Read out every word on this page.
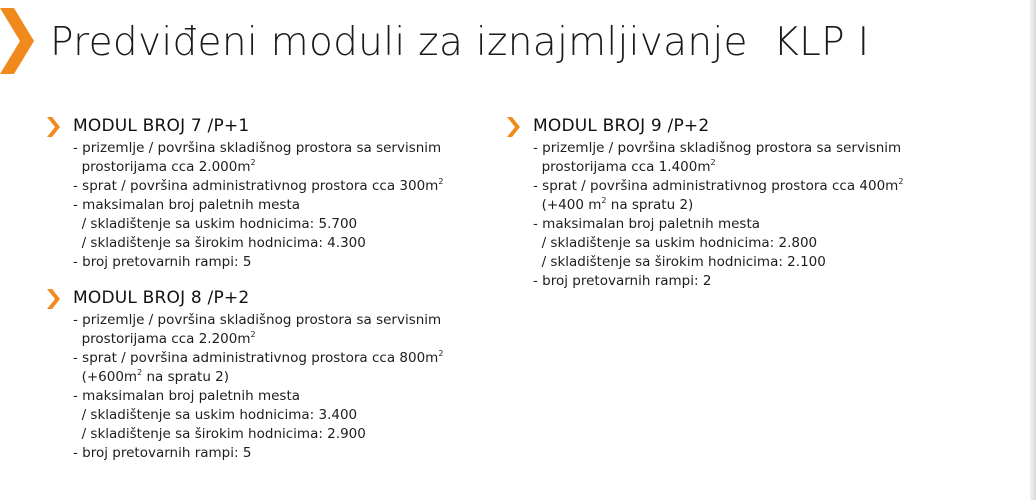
Predviđeni moduli za iznajmljivanje  KLP I
MODUL BROJ 7 /P+1
- prizemlje / površina skladišnog prostora sa servisnim
prostorijama cca $2.000m^2$
- sprat / površina administrativnog prostora cca $300m^2$
- maksimalan broj paletnih mesta
/ skladištenje sa uskim hodnicima: 5.700
/ skladištenje sa širokim hodnicima: 4.300
- broj pretovarnih rampi: 5
MODUL BROJ 8 /P+2
- prizemlje / površina skladišnog prostora sa servisnim
prostorijama cca $2.200m^2$
- sprat / površina administrativnog prostora cca $800m^2$
($+600m^2$ na spratu 2)
- maksimalan broj paletnih mesta
/ skladištenje sa uskim hodnicima: 3.400
/ skladištenje sa širokim hodnicima: 2.900
- broj pretovarnih rampi: 5
MODUL BROJ 9 /P+2
- prizemlje / površina skladišnog prostora sa servisnim
prostorijama cca $1.400m^2$
- sprat / površina administrativnog prostora cca $400m^2$
(+400 $m^2$ na spratu 2)
- maksimalan broj paletnih mesta
/ skladištenje sa uskim hodnicima: 2.800
/ skladištenje sa širokim hodnicima: 2.100
- broj pretovarnih rampi: 2
